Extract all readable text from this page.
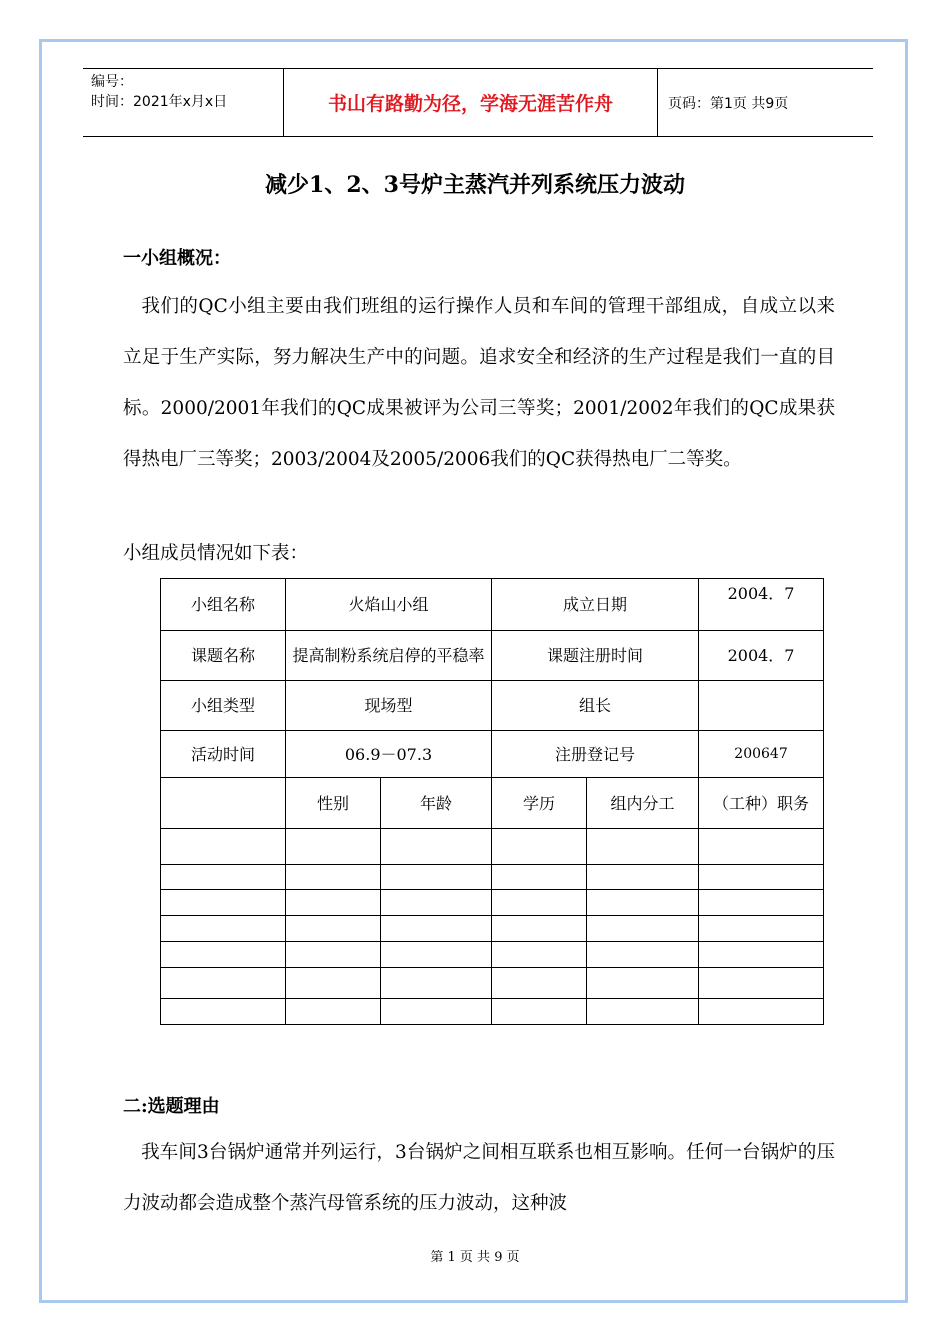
编号：
时间：2021年x月x日	书山有路勤为径，学海无涯苦作舟	页码：第1页 共9页
减少1、2、3号炉主蒸汽并列系统压力波动
一小组概况：
我们的QC小组主要由我们班组的运行操作人员和车间的管理干部组成，自成立以来立足于生产实际，努力解决生产中的问题。追求安全和经济的生产过程是我们一直的目标。2000/2001年我们的QC成果被评为公司三等奖；2001/2002年我们的QC成果获得热电厂三等奖；2003/2004及2005/2006我们的QC获得热电厂二等奖。
小组成员情况如下表：
小组名称	火焰山小组		成立日期		2004．7
课题名称	提高制粉系统启停的平稳率		课题注册时间		2004．7
小组类型	现场型		组长		
活动时间	06.9－07.3		注册登记号		200647
	性别	年龄	学历	组内分工	（工种）职务

二:选题理由
我车间3台锅炉通常并列运行，3台锅炉之间相互联系也相互影响。任何一台锅炉的压力波动都会造成整个蒸汽母管系统的压力波动，这种波
第 1 页 共 9 页
